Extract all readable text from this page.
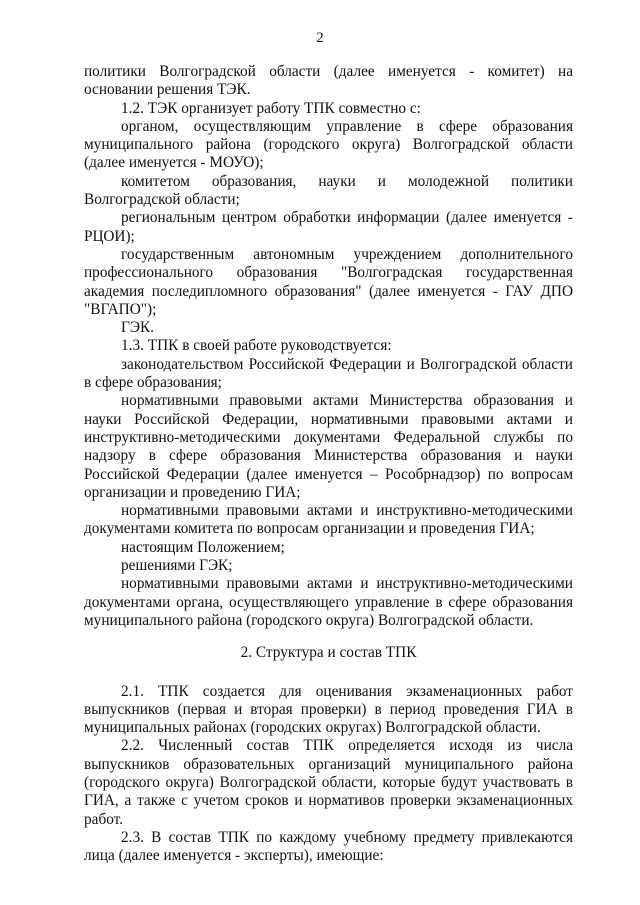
2

политики Волгоградской области (далее именуется - комитет) на основании решения ТЭК.

1.2. ТЭК организует работу ТПК совместно с:

органом, осуществляющим управление в сфере образования муниципального района (городского округа) Волгоградской области (далее именуется - МОУО);

комитетом образования, науки и молодежной политики Волгоградской области;

региональным центром обработки информации (далее именуется - РЦОИ);

государственным автономным учреждением дополнительного профессионального образования "Волгоградская государственная академия последипломного образования" (далее именуется - ГАУ ДПО "ВГАПО");

ГЭК.

1.3. ТПК в своей работе руководствуется:

законодательством Российской Федерации и Волгоградской области в сфере образования;

нормативными правовыми актами Министерства образования и науки Российской Федерации, нормативными правовыми актами и инструктивно-методическими документами Федеральной службы по надзору в сфере образования Министерства образования и науки Российской Федерации (далее именуется – Рособрнадзор) по вопросам организации и проведению ГИА;

нормативными правовыми актами и инструктивно-методическими документами комитета по вопросам организации и проведения ГИА;

настоящим Положением;

решениями ГЭК;

нормативными правовыми актами и инструктивно-методическими документами органа, осуществляющего управление в сфере образования муниципального района (городского округа) Волгоградской области.

2. Структура и состав ТПК

2.1. ТПК создается для оценивания экзаменационных работ выпускников (первая и вторая проверки) в период проведения ГИА в муниципальных районах (городских округах) Волгоградской области.

2.2. Численный состав ТПК определяется исходя из числа выпускников образовательных организаций муниципального района (городского округа) Волгоградской области, которые будут участвовать в ГИА, а также с учетом сроков и нормативов проверки экзаменационных работ.

2.3. В состав ТПК по каждому учебному предмету привлекаются лица (далее именуется - эксперты), имеющие:
